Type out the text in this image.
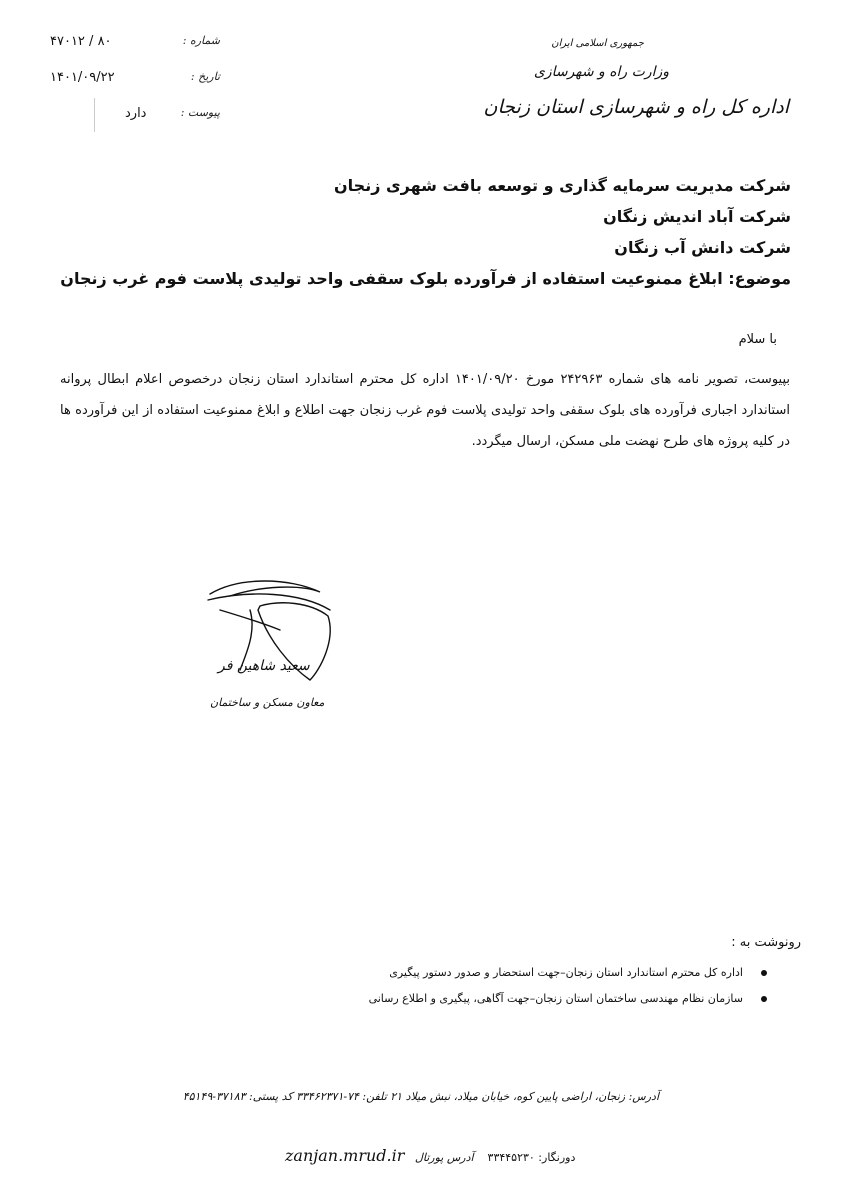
۸۰ / ۴۷۰۱۲	شماره :
۱۴۰۱/۰۹/۲۲	تاریخ :
دارد	پیوست :
جمهوری اسلامی ایران
وزارت راه و شهرسازی
اداره کل راه و شهرسازی استان زنجان
شرکت مدیریت سرمایه گذاری و توسعه بافت شهری زنجان
شرکت آباد اندیش زنگان
شرکت دانش آب زنگان
موضوع: ابلاغ ممنوعیت استفاده از فرآورده بلوک سقفی واحد تولیدی پلاست فوم غرب زنجان
با سلام

بپیوست، تصویر نامه های شماره ۲۴۲۹۶۳ مورخ ۱۴۰۱/۰۹/۲۰ اداره کل محترم استاندارد استان زنجان درخصوص اعلام ابطال پروانه استاندارد اجباری فرآورده های بلوک سقفی واحد تولیدی پلاست فوم غرب زنجان جهت اطلاع و ابلاغ ممنوعیت استفاده از این فرآورده ها در کلیه پروژه های طرح نهضت ملی مسکن، ارسال میگردد.

سعید شاهین فر
معاون مسکن و ساختمان
رونوشت به :
اداره کل محترم استاندارد استان زنجان–جهت استحضار و صدور دستور پیگیری
سازمان نظام مهندسی ساختمان استان زنجان–جهت آگاهی، پیگیری و اطلاع رسانی
آدرس: زنجان، اراضی پایین کوه، خیابان میلاد، نبش میلاد ۲۱ تلفن: ۷۴-۳۳۴۶۲۳۷۱ کد پستی: ۳۷۱۸۳-۴۵۱۴۹
دورنگار: ۳۳۴۴۵۲۳۰    آدرس پورتال   zanjan.mrud.ir
